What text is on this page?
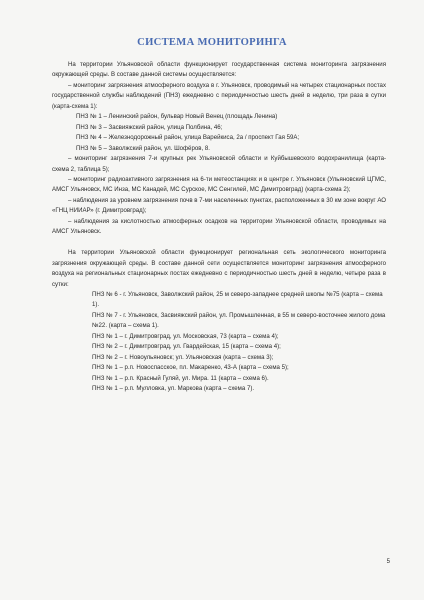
СИСТЕМА МОНИТОРИНГА

На территории Ульяновской области функционирует государственная система мониторинга загрязнения окружающей среды. В составе данной системы осуществляется:

– мониторинг загрязнения атмосферного воздуха в г. Ульяновск, проводимый на четырех стационарных постах государственной службы наблюдений (ПНЗ) ежедневно с периодичностью шесть дней в неделю, три раза в сутки (карта-схема 1):

ПНЗ № 1 – Ленинский район, бульвар Новый Венец (площадь Ленина)

ПНЗ № 3 – Засвияжский район, улица Полбина, 46;

ПНЗ № 4 – Железнодорожный район, улица Варейкиса, 2а / проспект Гая 59А;

ПНЗ № 5 – Заволжский район, ул. Шофёров, 8.

– мониторинг загрязнения 7-и крупных рек Ульяновской области и Куйбышевского водохранилища (карта-схема 2, таблица 5);

– мониторинг радиоактивного загрязнения на 6-ти метеостанциях и в центре г. Ульяновск (Ульяновский ЦГМС, АМСГ Ульяновск, МС Инза, МС Канадей, МС Сурское, МС Сенгилей, МС Димитровград) (карта-схема 2);

– наблюдения за уровнем загрязнения почв в 7-ми населенных пунктах, расположенных в 30 км зоне вокруг АО «ГНЦ НИИАР» (г. Димитровград);

– наблюдения за кислотностью атмосферных осадков на территории Ульяновской области, проводимых на АМСГ Ульяновск.

На территории Ульяновской области функционирует региональная сеть экологического мониторинга загрязнения окружающей среды. В составе данной сети осуществляется мониторинг загрязнения атмосферного воздуха на региональных стационарных постах ежедневно с периодичностью шесть дней в неделю, четыре раза в сутки:

ПНЗ № 6 - г. Ульяновск, Заволжский район, 25 м северо-западнее средней школы №75 (карта – схема 1).

ПНЗ № 7 - г. Ульяновск, Засвияжский район, ул. Промышленная, в 55 м северо-восточнее жилого дома №22. (карта – схема 1).

ПНЗ № 1 – г. Димитровград, ул. Московская, 73 (карта – схема 4);

ПНЗ № 2 – г. Димитровград, ул. Гвардейская, 15 (карта – схема 4);

ПНЗ № 2 – г. Новоульяновск; ул. Ульяновская (карта – схема 3);

ПНЗ № 1 – р.п. Новоспасское, пл. Макаренко, 43-А (карта – схема 5);

ПНЗ № 1 – р.п. Красный Гуляй, ул. Мира. 11 (карта – схема 6).

ПНЗ № 1 – р.п. Мулловка, ул. Маркова (карта – схема 7).

5
